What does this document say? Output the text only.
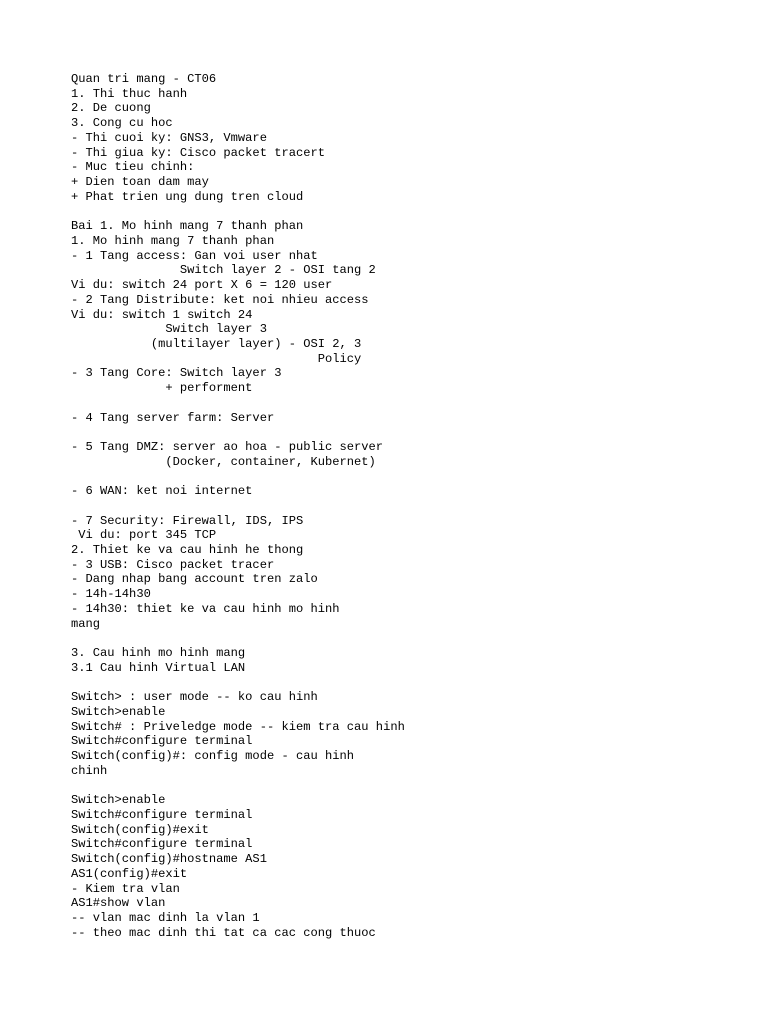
Quan tri mang - CT06
1. Thi thuc hanh
2. De cuong
3. Cong cu hoc
- Thi cuoi ky: GNS3, Vmware
- Thi giua ky: Cisco packet tracert
- Muc tieu chinh:
+ Dien toan dam may
+ Phat trien ung dung tren cloud

Bai 1. Mo hinh mang 7 thanh phan
1. Mo hinh mang 7 thanh phan
- 1 Tang access: Gan voi user nhat
Switch layer 2 - OSI tang 2
Vi du: switch 24 port X 6 = 120 user
- 2 Tang Distribute: ket noi nhieu access
Vi du: switch 1 switch 24
Switch layer 3
(multilayer layer) - OSI 2, 3
Policy
- 3 Tang Core: Switch layer 3
+ performent

- 4 Tang server farm: Server

- 5 Tang DMZ: server ao hoa - public server
(Docker, container, Kubernet)

- 6 WAN: ket noi internet

- 7 Security: Firewall, IDS, IPS
Vi du: port 345 TCP
2. Thiet ke va cau hinh he thong
- 3 USB: Cisco packet tracer
- Dang nhap bang account tren zalo
- 14h-14h30
- 14h30: thiet ke va cau hinh mo hinh
mang

3. Cau hinh mo hinh mang
3.1 Cau hinh Virtual LAN

Switch> : user mode -- ko cau hinh
Switch>enable
Switch# : Priveledge mode -- kiem tra cau hinh
Switch#configure terminal
Switch(config)#: config mode - cau hinh
chinh

Switch>enable
Switch#configure terminal
Switch(config)#exit
Switch#configure terminal
Switch(config)#hostname AS1
AS1(config)#exit
- Kiem tra vlan
AS1#show vlan
-- vlan mac dinh la vlan 1
-- theo mac dinh thi tat ca cac cong thuoc
